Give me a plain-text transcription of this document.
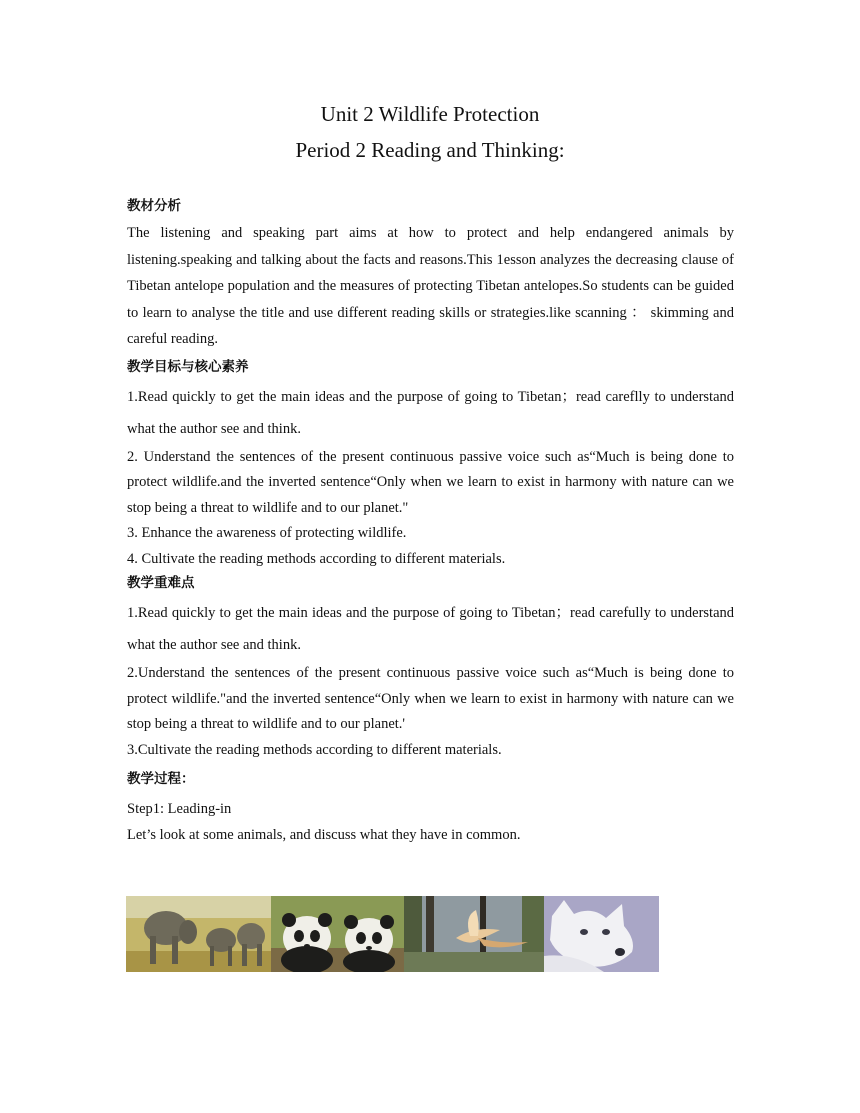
Unit 2 Wildlife Protection
Period 2 Reading and Thinking:
教材分析

The listening and speaking part aims at how to protect and help endangered animals by listening.speaking and talking about the facts and reasons.This 1esson analyzes the decreasing clause of Tibetan antelope population and the measures of protecting Tibetan antelopes.So students can be guided to learn to analyse the title and use different reading skills or strategies.like scanning ： skimming and careful reading.

教学目标与核心素养

1.Read quickly to get the main ideas and the purpose of going to Tibetan；read careflly to understand what the author see and think.

2. Understand the sentences of the present continuous passive voice such as“Much is being done to protect wildlife.and the inverted sentence“Only when we learn to exist in harmony with nature can we stop being a threat to wildlife and to our planet."

3. Enhance the awareness of protecting wildlife.

4. Cultivate the reading methods according to different materials.

教学重难点

1.Read quickly to get the main ideas and the purpose of going to Tibetan；read carefully to understand what the author see and think.

2.Understand the sentences of the present continuous passive voice such as“Much is being done to protect wildlife."and the inverted sentence“Only when we learn to exist in harmony with nature can we stop being a threat to wildlife and to our planet.'

3.Cultivate the reading methods according to different materials.

教学过程：

Step1: Leading-in

Let’s look at some animals, and discuss what they have in common.
